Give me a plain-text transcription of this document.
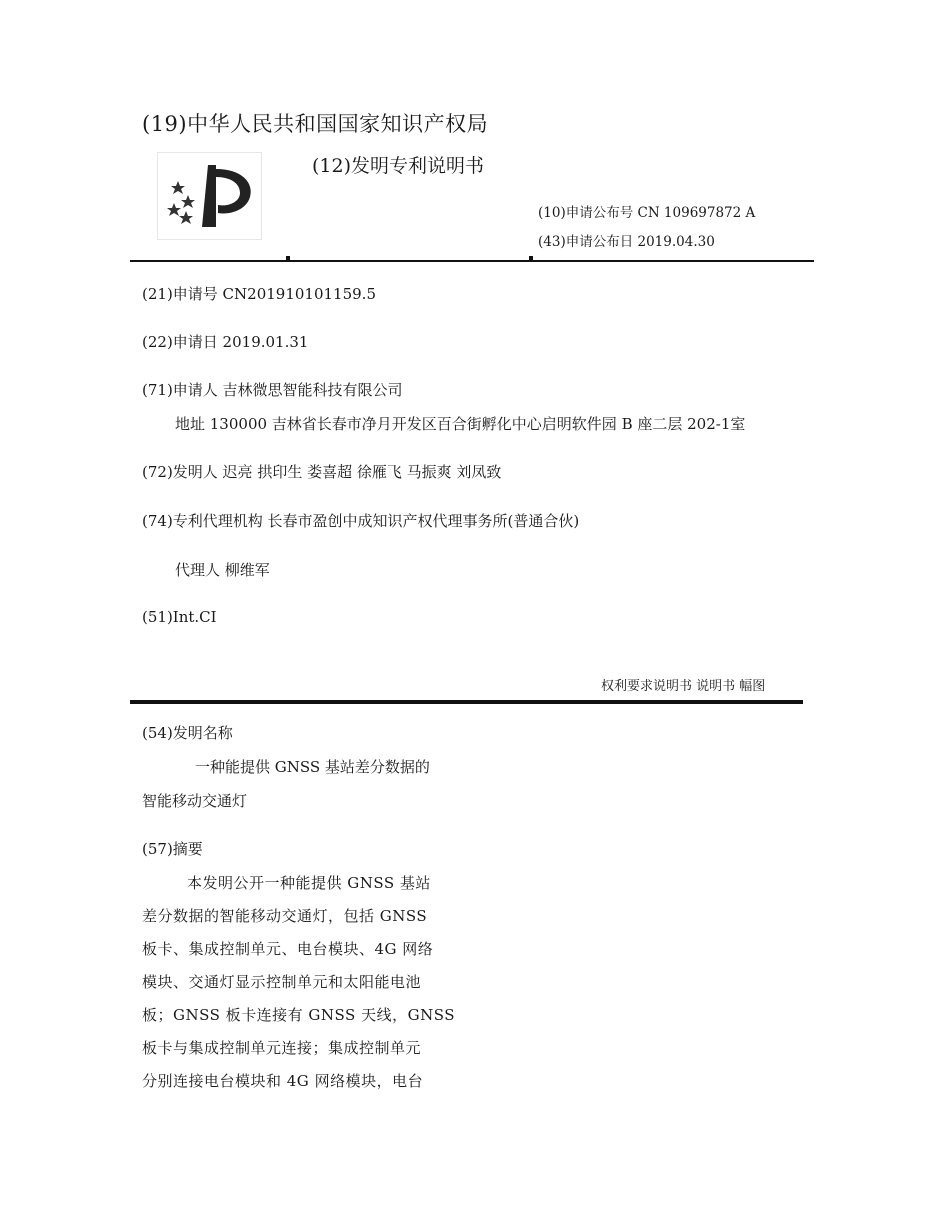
(19)中华人民共和国国家知识产权局
(12)发明专利说明书
(10)申请公布号 CN 109697872 A
(43)申请公布日 2019.04.30
(21)申请号 CN201910101159.5
(22)申请日 2019.01.31
(71)申请人 吉林微思智能科技有限公司
地址 130000 吉林省长春市净月开发区百合街孵化中心启明软件园 B 座二层 202-1室
(72)发明人 迟亮 拱印生 娄喜超 徐雁飞 马振爽 刘凤致
(74)专利代理机构 长春市盈创中成知识产权代理事务所(普通合伙)
代理人 柳维军
(51)Int.CI
权利要求说明书 说明书 幅图
(54)发明名称
一种能提供 GNSS 基站差分数据的
智能移动交通灯
(57)摘要
本发明公开一种能提供 GNSS 基站
差分数据的智能移动交通灯，包括 GNSS
板卡、集成控制单元、电台模块、4G 网络
模块、交通灯显示控制单元和太阳能电池
板；GNSS 板卡连接有 GNSS 天线，GNSS
板卡与集成控制单元连接；集成控制单元
分别连接电台模块和 4G 网络模块，电台
